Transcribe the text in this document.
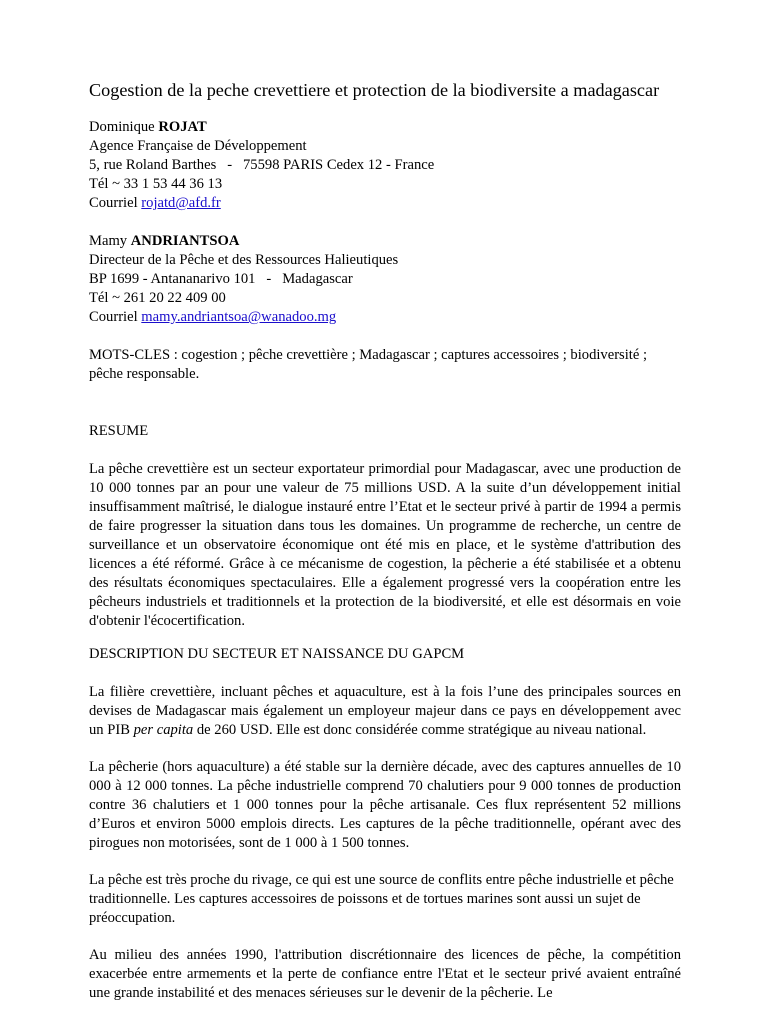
Cogestion de la peche crevettiere et protection de la biodiversite a madagascar
Dominique ROJAT
Agence Française de Développement
5, rue Roland Barthes   -   75598 PARIS Cedex 12 - France
Tél ~ 33 1 53 44 36 13
Courriel rojatd@afd.fr
Mamy ANDRIANTSOA
Directeur de la Pêche et des Ressources Halieutiques
BP 1699 - Antananarivo 101   -   Madagascar
Tél ~ 261 20 22 409 00
Courriel mamy.andriantsoa@wanadoo.mg
MOTS-CLES : cogestion ; pêche crevettière ; Madagascar ; captures accessoires ; biodiversité ; pêche responsable.
RESUME
La pêche crevettière est un secteur exportateur primordial pour Madagascar, avec une production de 10 000 tonnes par an pour une valeur de 75 millions USD. A la suite d’un développement initial insuffisamment maîtrisé, le dialogue instauré entre l’Etat et le secteur privé à partir de 1994 a permis de faire progresser la situation dans tous les domaines. Un programme de recherche, un centre de surveillance et un observatoire économique ont été mis en place, et le système d'attribution des licences a été réformé. Grâce à ce mécanisme de cogestion, la pêcherie a été stabilisée et a obtenu des résultats économiques spectaculaires. Elle a également progressé vers la coopération entre les pêcheurs industriels et traditionnels et la protection de la biodiversité, et elle est désormais en voie d'obtenir l'écocertification.
DESCRIPTION DU SECTEUR ET NAISSANCE DU GAPCM
La filière crevettière, incluant pêches et aquaculture, est à la fois l’une des principales sources en devises de Madagascar mais également un employeur majeur dans ce pays en développement avec un PIB per capita de 260 USD. Elle est donc considérée comme stratégique au niveau national.
La pêcherie (hors aquaculture) a été stable sur la dernière décade, avec des captures annuelles de 10 000 à 12 000 tonnes. La pêche industrielle comprend 70 chalutiers pour 9 000 tonnes de production contre 36 chalutiers et 1 000 tonnes pour la pêche artisanale. Ces flux représentent 52 millions d’Euros et environ 5000 emplois directs. Les captures de la pêche traditionnelle, opérant avec des pirogues non motorisées, sont de 1 000 à 1 500 tonnes.
La pêche est très proche du rivage, ce qui est une source de conflits entre pêche industrielle et pêche traditionnelle. Les captures accessoires de poissons et de tortues marines sont aussi un sujet de préoccupation.
Au milieu des années 1990, l'attribution discrétionnaire des licences de pêche, la compétition exacerbée entre armements et la perte de confiance entre l'Etat et le secteur privé avaient entraîné une grande instabilité et des menaces sérieuses sur le devenir de la pêcherie. Le
